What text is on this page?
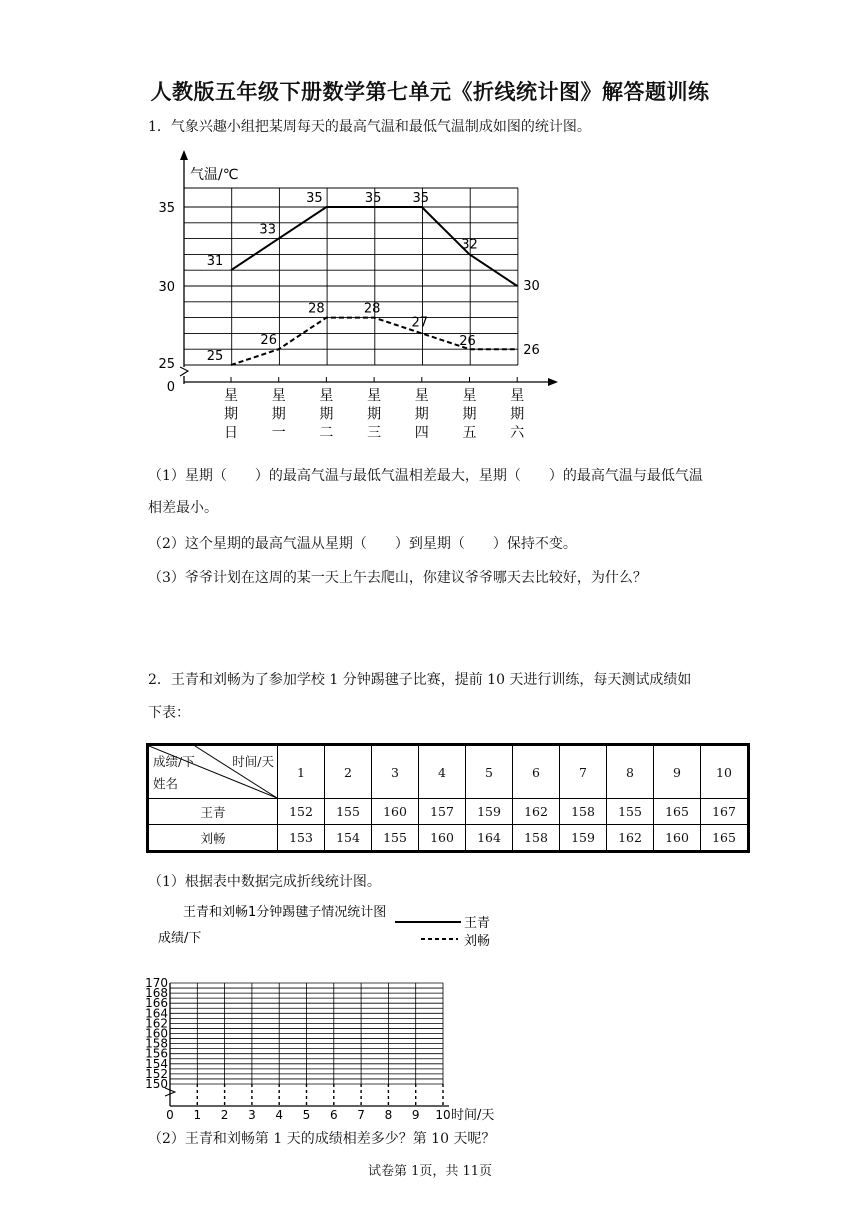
人教版五年级下册数学第七单元《折线统计图》解答题训练
1．气象兴趣小组把某周每天的最高气温和最低气温制成如图的统计图。
气温/℃
35
30
25
0
星期日
星期一
星期二
星期三
星期四
星期五
星期六
31
33
35	35 35
32
30
25
26
28	28
27
26
26
（1）星期（　　）的最高气温与最低气温相差最大，星期（　　）的最高气温与最低气温
相差最小。
（2）这个星期的最高气温从星期（　　）到星期（　　）保持不变。
（3）爷爷计划在这周的某一天上午去爬山，你建议爷爷哪天去比较好，为什么？
2．王青和刘畅为了参加学校 1 分钟踢毽子比赛，提前 10 天进行训练，每天测试成绩如
下表：
成绩/下 时间/天
姓名	1	2	3	4	5	6	7	8	9	10
王青	152	155	160	157	159	162	158	155	165	167
刘畅	153	154	155	160	164	158	159	162	160	165
（1）根据表中数据完成折线统计图。
王青和刘畅1分钟踢毽子情况统计图
王青
刘畅
成绩/下
170
168
166
164
162
160
158
156
154
152
150
0 1 2 3 4 5 6 7 8 9 10 时间/天
（2）王青和刘畅第 1 天的成绩相差多少？第 10 天呢？
试卷第 1页，共 11页
